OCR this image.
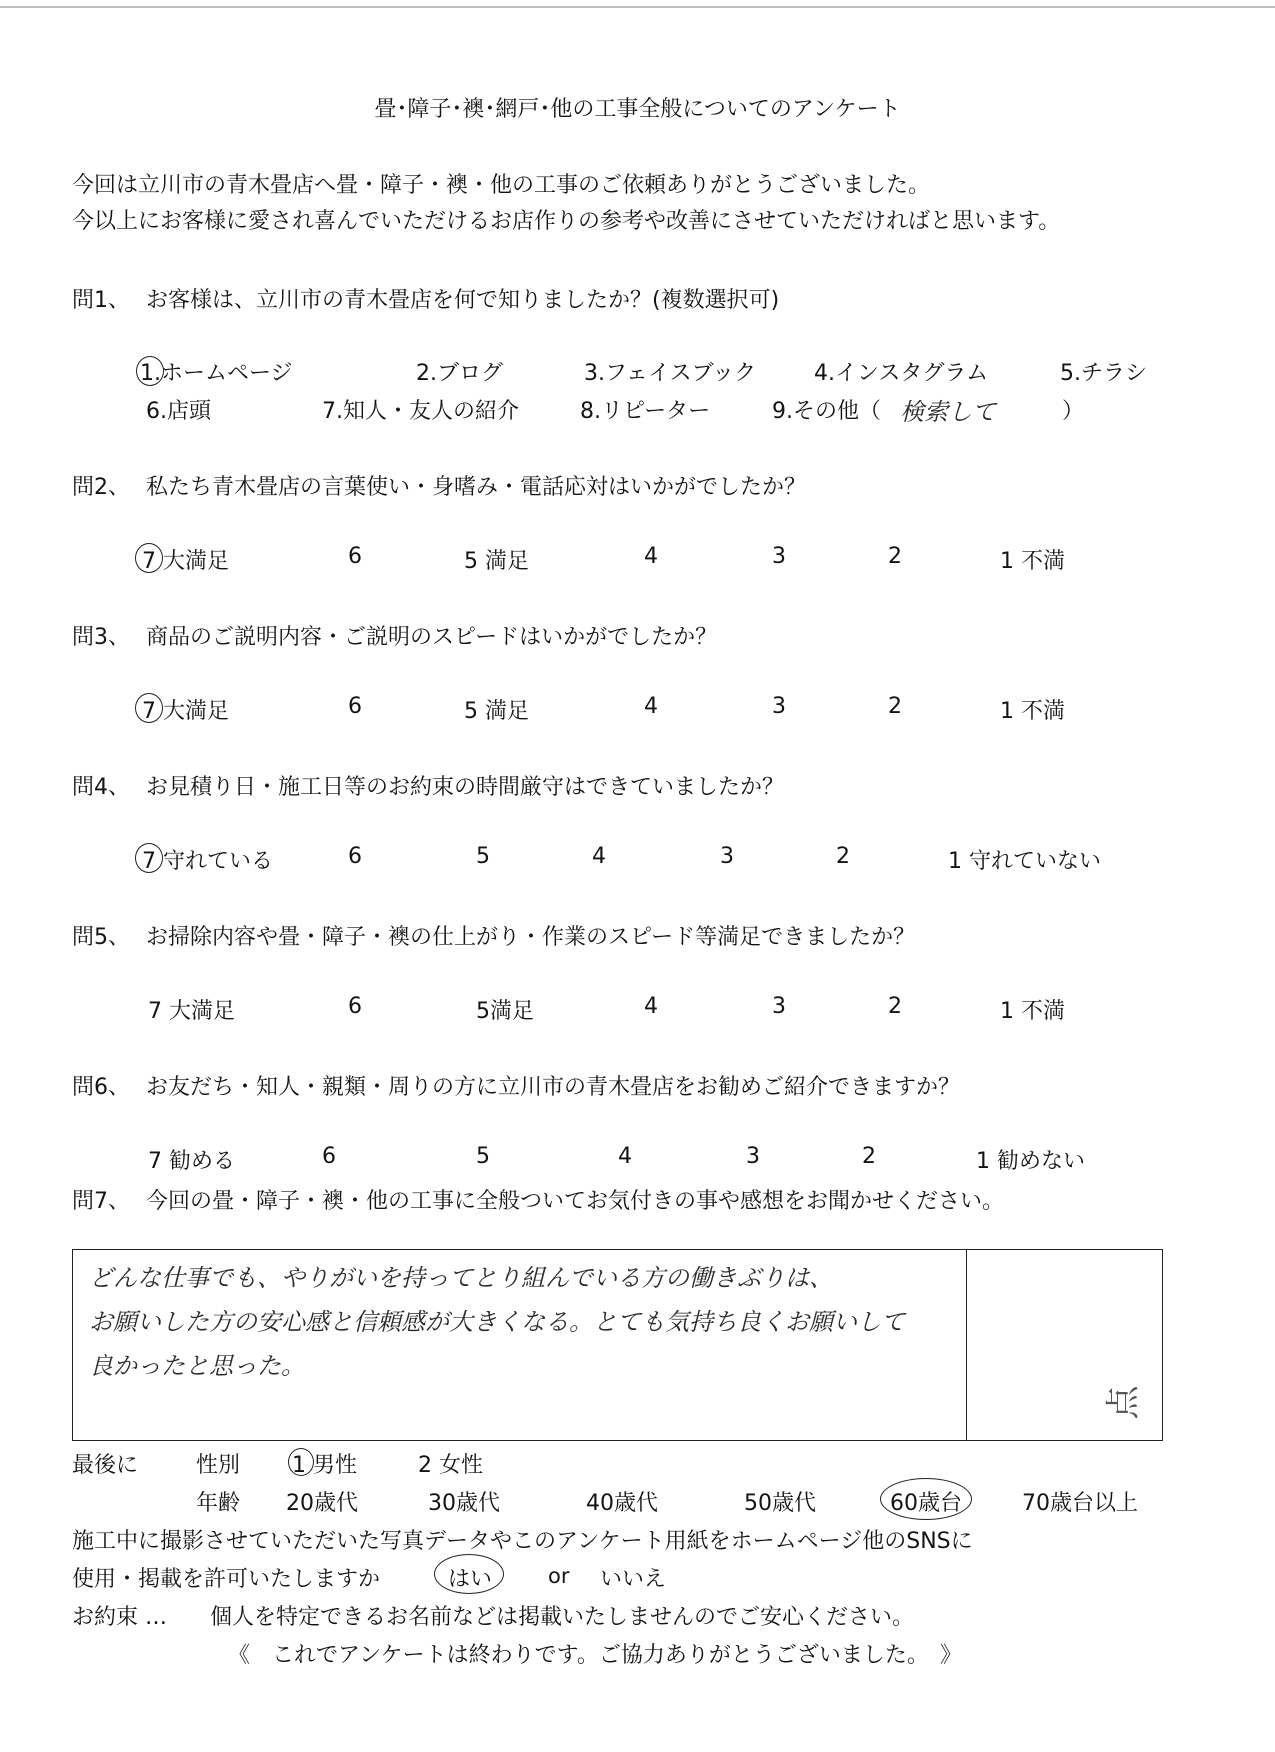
畳･障子･襖･網戸･他の工事全般についてのアンケート
今回は立川市の青木畳店へ畳・障子・襖・他の工事のご依頼ありがとうございました。
今以上にお客様に愛され喜んでいただけるお店作りの参考や改善にさせていただければと思います。
問1、 お客様は、立川市の青木畳店を何で知りましたか？(複数選択可)
1.ホームページ	2.ブログ	3.フェイスブック	4.インスタグラム	5.チラシ
6.店頭	7.知人・友人の紹介	8.リピーター	9.その他（ 検索して	）
問2、 私たち青木畳店の言葉使い・身嗜み・電話応対はいかがでしたか？
7 大満足	6	5 満足	4	3	2	1 不満
問3、 商品のご説明内容・ご説明のスピードはいかがでしたか？
7 大満足	6	5 満足	4	3	2	1 不満
問4、 お見積り日・施工日等のお約束の時間厳守はできていましたか？
7 守れている	6	5	4	3	2	1 守れていない
問5、 お掃除内容や畳・障子・襖の仕上がり・作業のスピード等満足できましたか？
7 大満足	6	5満足	4	3	2	1 不満
問6、 お友だち・知人・親類・周りの方に立川市の青木畳店をお勧めご紹介できますか？
7 勧める	6	5	4	3	2	1 勧めない
問7、 今回の畳・障子・襖・他の工事に全般ついてお気付きの事や感想をお聞かせください。
どんな仕事でも、やりがいを持ってとり組んでいる方の働きぶりは、
お願いした方の安心感と信頼感が大きくなる。とても気持ち良くお願いして
良かったと思った。
点
最後に	性別 1 男性	2 女性
年齢 20歳代	30歳代	40歳代	50歳代	60歳台	70歳台以上
施工中に撮影させていただいた写真データやこのアンケート用紙をホームページ他のSNSに
使用・掲載を許可いたしますか	はい	or いいえ
お約束 … 個人を特定できるお名前などは掲載いたしませんのでご安心ください。
《　これでアンケートは終わりです。ご協力ありがとうございました。　》
